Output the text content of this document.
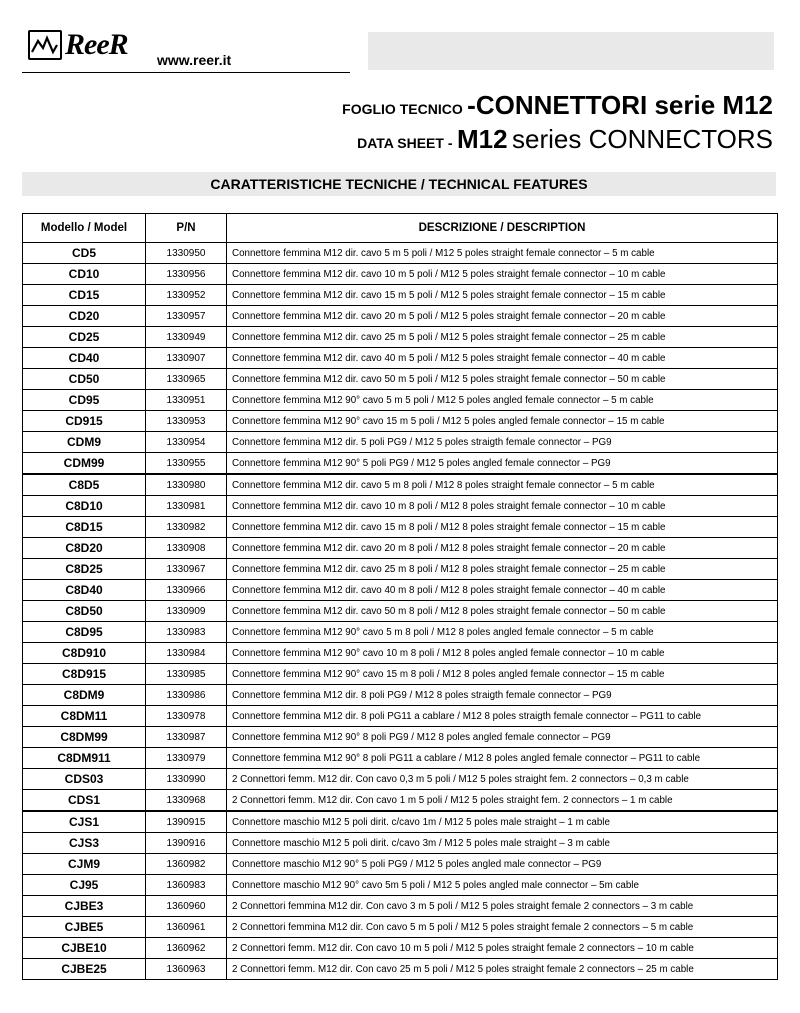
ReeR www.reer.it
FOGLIO TECNICO -CONNETTORI serie M12
DATA SHEET - M12 series CONNECTORS
CARATTERISTICHE TECNICHE / TECHNICAL FEATURES
Modello / Model	P/N	DESCRIZIONE / DESCRIPTION
CD5	1330950	Connettore femmina M12 dir. cavo 5 m 5 poli / M12 5 poles straight female connector – 5 m cable
CD10	1330956	Connettore femmina M12 dir. cavo 10 m 5 poli / M12 5 poles straight female connector – 10 m cable
CD15	1330952	Connettore femmina M12 dir. cavo 15 m 5 poli / M12 5 poles straight female connector – 15 m cable
CD20	1330957	Connettore femmina M12 dir. cavo 20 m 5 poli / M12 5 poles straight female connector – 20 m cable
CD25	1330949	Connettore femmina M12 dir. cavo 25 m 5 poli / M12 5 poles straight female connector – 25 m cable
CD40	1330907	Connettore femmina M12 dir. cavo 40 m 5 poli / M12 5 poles straight female connector – 40 m cable
CD50	1330965	Connettore femmina M12 dir. cavo 50 m 5 poli / M12 5 poles straight female connector – 50 m cable
CD95	1330951	Connettore femmina M12 90° cavo 5 m 5 poli / M12 5 poles angled female connector – 5 m cable
CD915	1330953	Connettore femmina M12 90° cavo 15 m 5 poli / M12 5 poles angled female connector – 15 m cable
CDM9	1330954	Connettore femmina M12 dir. 5 poli PG9 / M12 5 poles straigth female connector – PG9
CDM99	1330955	Connettore femmina M12 90° 5 poli PG9 / M12 5 poles angled female connector – PG9
C8D5	1330980	Connettore femmina M12 dir. cavo 5 m 8 poli / M12 8 poles straight female connector – 5 m cable
C8D10	1330981	Connettore femmina M12 dir. cavo 10 m 8 poli / M12 8 poles straight female connector – 10 m cable
C8D15	1330982	Connettore femmina M12 dir. cavo 15 m 8 poli / M12 8 poles straight female connector – 15 m cable
C8D20	1330908	Connettore femmina M12 dir. cavo 20 m 8 poli / M12 8 poles straight female connector – 20 m cable
C8D25	1330967	Connettore femmina M12 dir. cavo 25 m 8 poli / M12 8 poles straight female connector – 25 m cable
C8D40	1330966	Connettore femmina M12 dir. cavo 40 m 8 poli / M12 8 poles straight female connector – 40 m cable
C8D50	1330909	Connettore femmina M12 dir. cavo 50 m 8 poli / M12 8 poles straight female connector – 50 m cable
C8D95	1330983	Connettore femmina M12 90° cavo 5 m 8 poli / M12 8 poles angled female connector – 5 m cable
C8D910	1330984	Connettore femmina M12 90° cavo 10 m 8 poli / M12 8 poles angled female connector – 10 m cable
C8D915	1330985	Connettore femmina M12 90° cavo 15 m 8 poli / M12 8 poles angled female connector – 15 m cable
C8DM9	1330986	Connettore femmina M12 dir. 8 poli PG9 / M12 8 poles straigth female connector – PG9
C8DM11	1330978	Connettore femmina M12 dir. 8 poli PG11 a cablare / M12 8 poles straigth female connector – PG11 to cable
C8DM99	1330987	Connettore femmina M12 90° 8 poli PG9 / M12 8 poles angled female connector – PG9
C8DM911	1330979	Connettore femmina M12 90° 8 poli PG11 a cablare / M12 8 poles angled female connector – PG11 to cable
CDS03	1330990	2 Connettori femm. M12 dir. Con cavo 0,3 m 5 poli / M12 5 poles straight fem. 2 connectors – 0,3 m cable
CDS1	1330968	2 Connettori femm. M12 dir. Con cavo 1 m 5 poli / M12 5 poles straight fem. 2 connectors – 1 m cable
CJS1	1390915	Connettore maschio M12 5 poli dirit. c/cavo 1m / M12 5 poles male straight – 1 m cable
CJS3	1390916	Connettore maschio M12 5 poli dirit. c/cavo 3m / M12 5 poles male straight – 3 m cable
CJM9	1360982	Connettore maschio M12 90° 5 poli PG9 / M12 5 poles angled male connector – PG9
CJ95	1360983	Connettore maschio M12 90° cavo 5m 5 poli / M12 5 poles angled male connector – 5m cable
CJBE3	1360960	2 Connettori femmina M12 dir. Con cavo 3 m 5 poli / M12 5 poles straight female 2 connectors – 3 m cable
CJBE5	1360961	2 Connettori femmina M12 dir. Con cavo 5 m 5 poli / M12 5 poles straight female 2 connectors – 5 m cable
CJBE10	1360962	2 Connettori femm. M12 dir. Con cavo 10 m 5 poli / M12 5 poles straight female 2 connectors – 10 m cable
CJBE25	1360963	2 Connettori femm. M12 dir. Con cavo 25 m 5 poli / M12 5 poles straight female 2 connectors – 25 m cable
